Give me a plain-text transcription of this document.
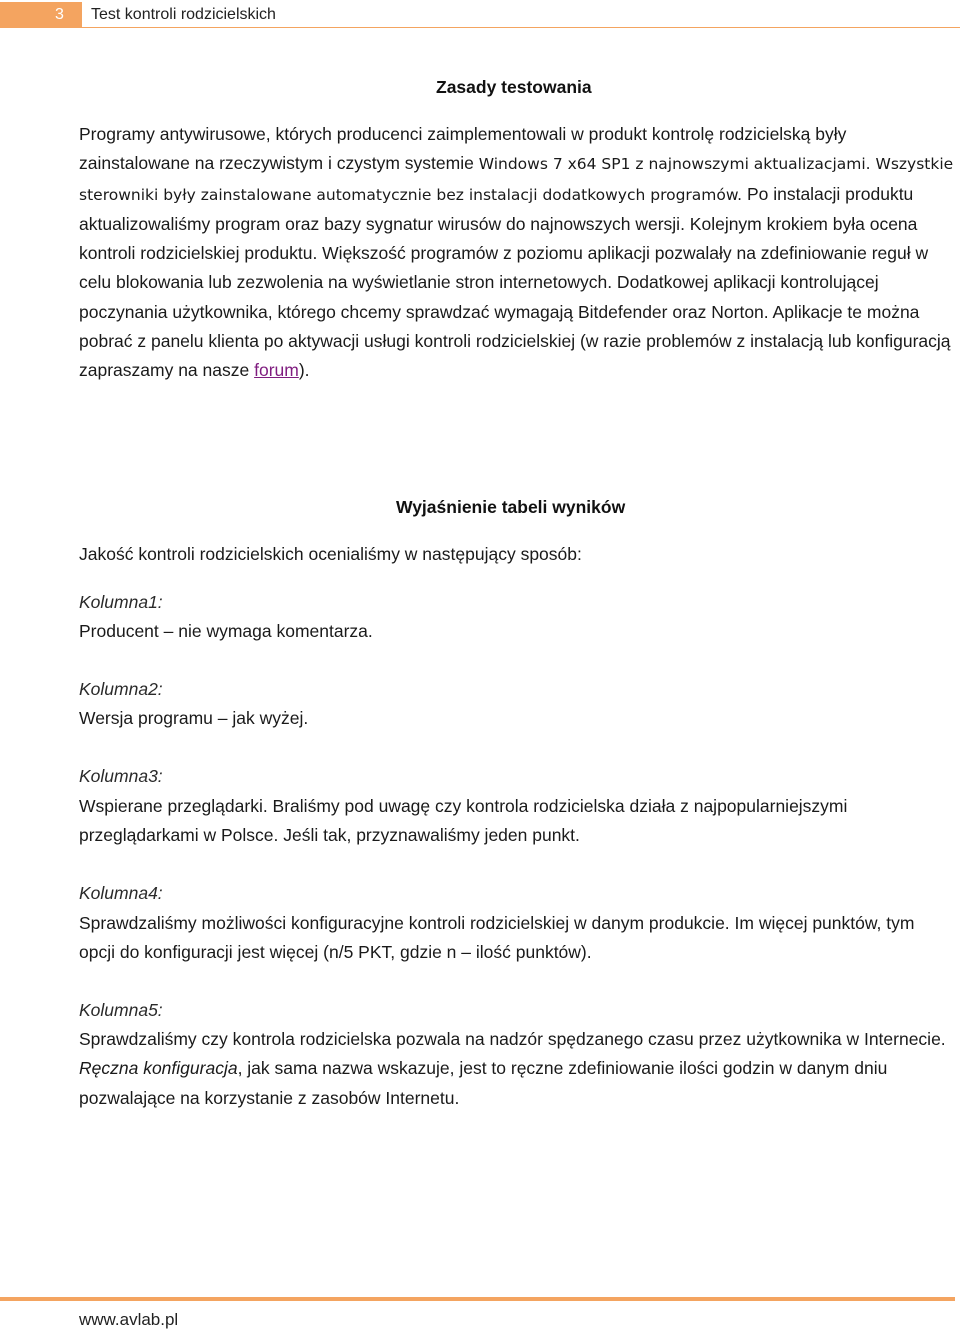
3	Test kontroli rodzicielskich
Zasady testowania
Programy antywirusowe, których producenci zaimplementowali w produkt kontrolę rodzicielską były zainstalowane na rzeczywistym i czystym systemie Windows 7 x64 SP1 z najnowszymi aktualizacjami. Wszystkie sterowniki były zainstalowane automatycznie bez instalacji dodatkowych programów. Po instalacji produktu aktualizowaliśmy program oraz bazy sygnatur wirusów do najnowszych wersji. Kolejnym krokiem była ocena kontroli rodzicielskiej produktu. Większość programów z poziomu aplikacji pozwalały na zdefiniowanie reguł w celu blokowania lub zezwolenia na wyświetlanie stron internetowych. Dodatkowej aplikacji kontrolującej poczynania użytkownika, którego chcemy sprawdzać wymagają Bitdefender oraz Norton. Aplikacje te można pobrać z panelu klienta po aktywacji usługi kontroli rodzicielskiej (w razie problemów z instalacją lub konfiguracją zapraszamy na nasze forum).
Wyjaśnienie tabeli wyników
Jakość kontroli rodzicielskich ocenialiśmy w następujący sposób:
Kolumna1:
Producent – nie wymaga komentarza.
Kolumna2:
Wersja programu – jak wyżej.
Kolumna3:
Wspierane przeglądarki. Braliśmy pod uwagę czy kontrola rodzicielska działa z najpopularniejszymi przeglądarkami w Polsce. Jeśli tak, przyznawaliśmy jeden punkt.
Kolumna4:
Sprawdzaliśmy możliwości konfiguracyjne kontroli rodzicielskiej w danym produkcie. Im więcej punktów, tym opcji do konfiguracji jest więcej (n/5 PKT, gdzie n – ilość punktów).
Kolumna5:
Sprawdzaliśmy czy kontrola rodzicielska pozwala na nadzór spędzanego czasu przez użytkownika w Internecie. Ręczna konfiguracja, jak sama nazwa wskazuje, jest to ręczne zdefiniowanie ilości godzin w danym dniu pozwalające na korzystanie z zasobów Internetu.
www.avlab.pl
